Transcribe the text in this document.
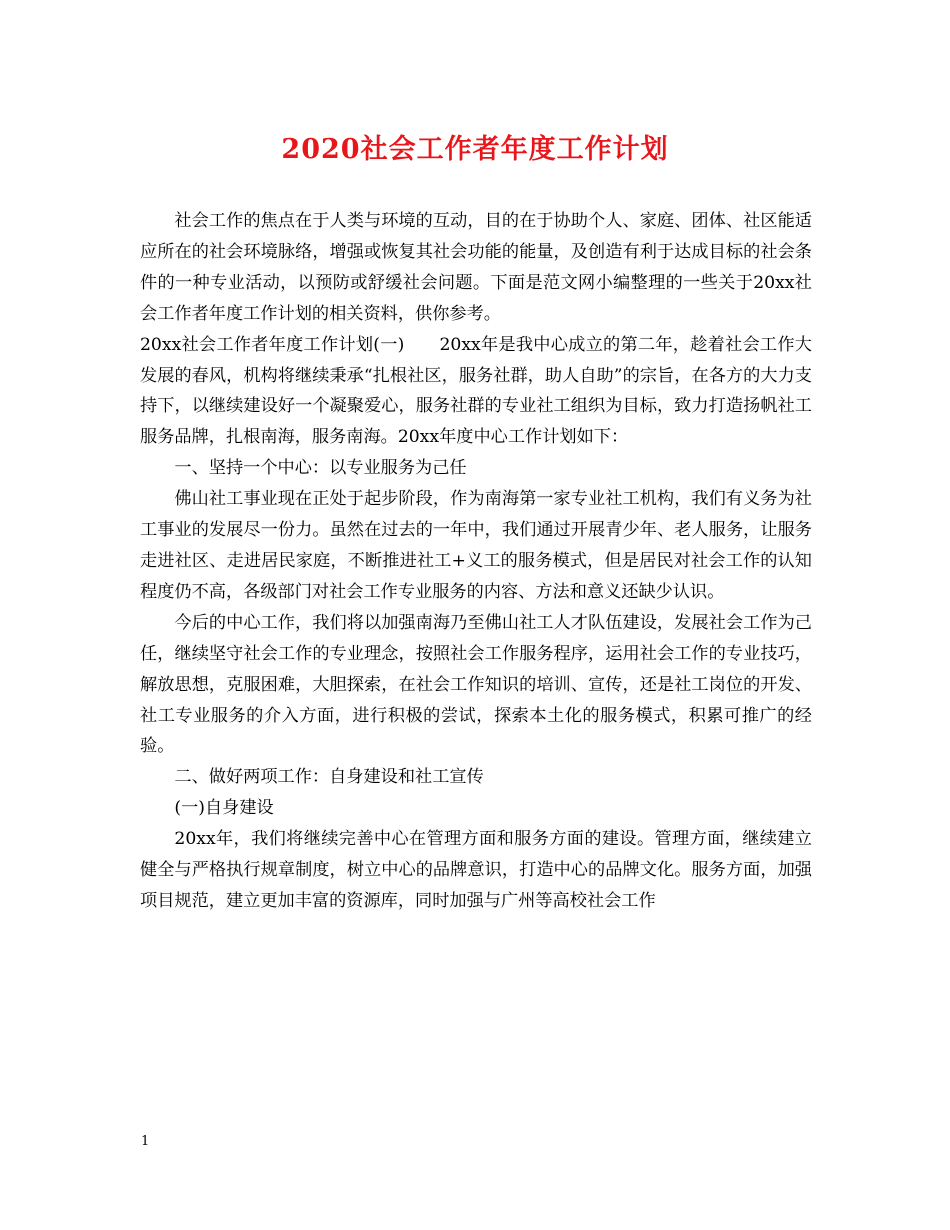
2020社会工作者年度工作计划

社会工作的焦点在于人类与环境的互动，目的在于协助个人、家庭、团体、社区能适应所在的社会环境脉络，增强或恢复其社会功能的能量，及创造有利于达成目标的社会条件的一种专业活动，以预防或舒缓社会问题。下面是范文网小编整理的一些关于20xx社会工作者年度工作计划的相关资料，供你参考。

20xx社会工作者年度工作计划(一)　　20xx年是我中心成立的第二年，趁着社会工作大发展的春风，机构将继续秉承“扎根社区，服务社群，助人自助”的宗旨，在各方的大力支持下，以继续建设好一个凝聚爱心，服务社群的专业社工组织为目标，致力打造扬帆社工服务品牌，扎根南海，服务南海。20xx年度中心工作计划如下：

一、坚持一个中心：以专业服务为己任

佛山社工事业现在正处于起步阶段，作为南海第一家专业社工机构，我们有义务为社工事业的发展尽一份力。虽然在过去的一年中，我们通过开展青少年、老人服务，让服务走进社区、走进居民家庭，不断推进社工+义工的服务模式，但是居民对社会工作的认知程度仍不高，各级部门对社会工作专业服务的内容、方法和意义还缺少认识。

今后的中心工作，我们将以加强南海乃至佛山社工人才队伍建设，发展社会工作为己任，继续坚守社会工作的专业理念，按照社会工作服务程序，运用社会工作的专业技巧，解放思想，克服困难，大胆探索，在社会工作知识的培训、宣传，还是社工岗位的开发、社工专业服务的介入方面，进行积极的尝试，探索本土化的服务模式，积累可推广的经验。

二、做好两项工作：自身建设和社工宣传

(一)自身建设

20xx年，我们将继续完善中心在管理方面和服务方面的建设。管理方面，继续建立健全与严格执行规章制度，树立中心的品牌意识，打造中心的品牌文化。服务方面，加强项目规范，建立更加丰富的资源库，同时加强与广州等高校社会工作

1
